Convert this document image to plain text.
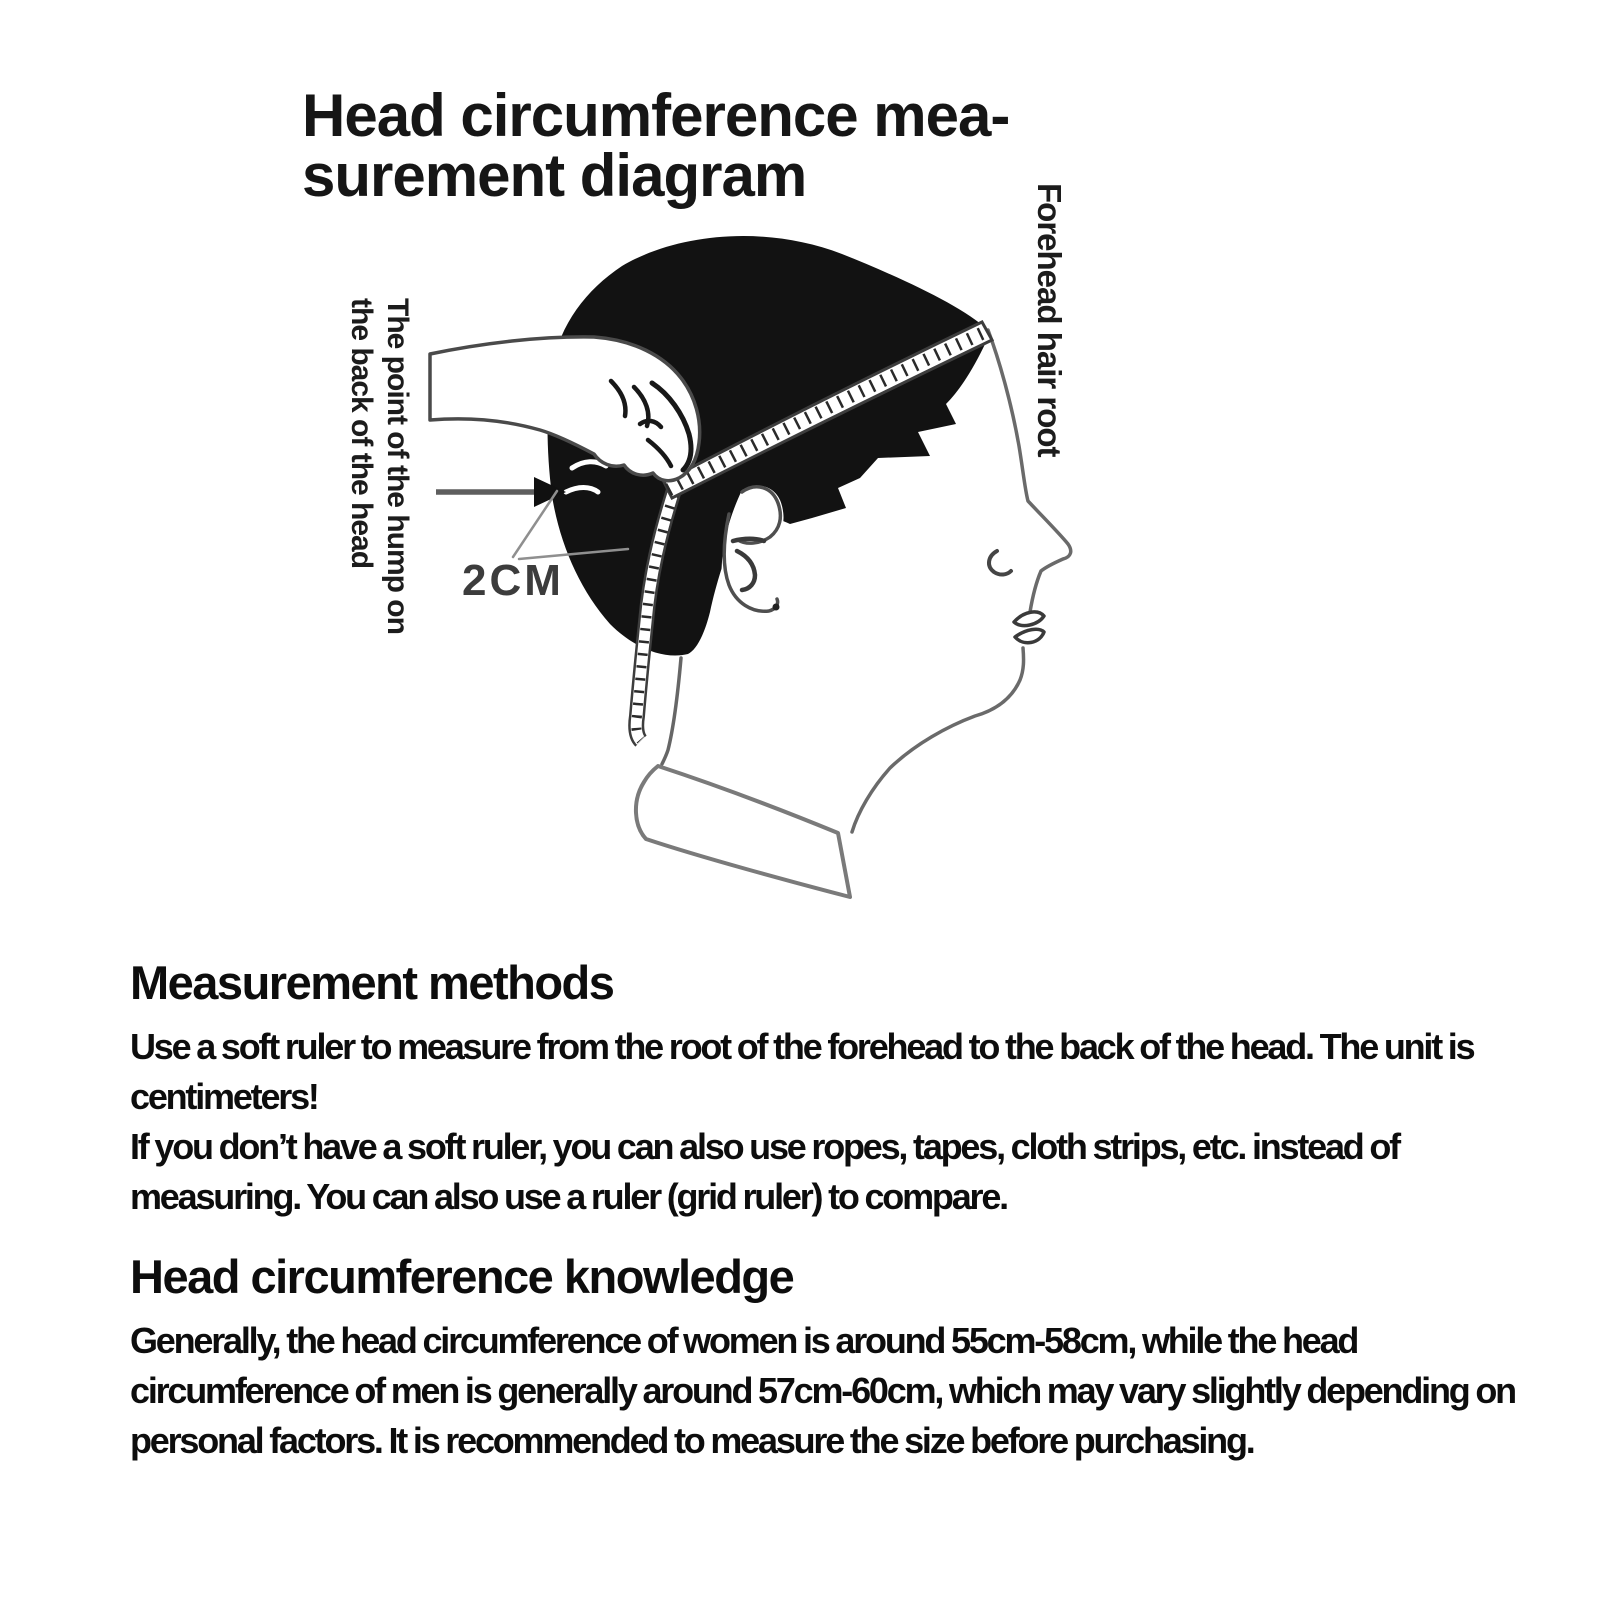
Head circumference mea-
surement diagram
Forehead hair root
The point of the hump on
the back of the head
2CM
Measurement methods

Use a soft ruler to measure from the root of the forehead to the back of the head. The unit is centimeters!

If you don’t have a soft ruler, you can also use ropes, tapes, cloth strips, etc. instead of measuring. You can also use a ruler (grid ruler) to compare.

Head circumference knowledge

Generally, the head circumference of women is around 55cm-58cm, while the head circumference of men is generally around 57cm-60cm, which may vary slightly depending on personal factors. It is recommended to measure the size before purchasing.
